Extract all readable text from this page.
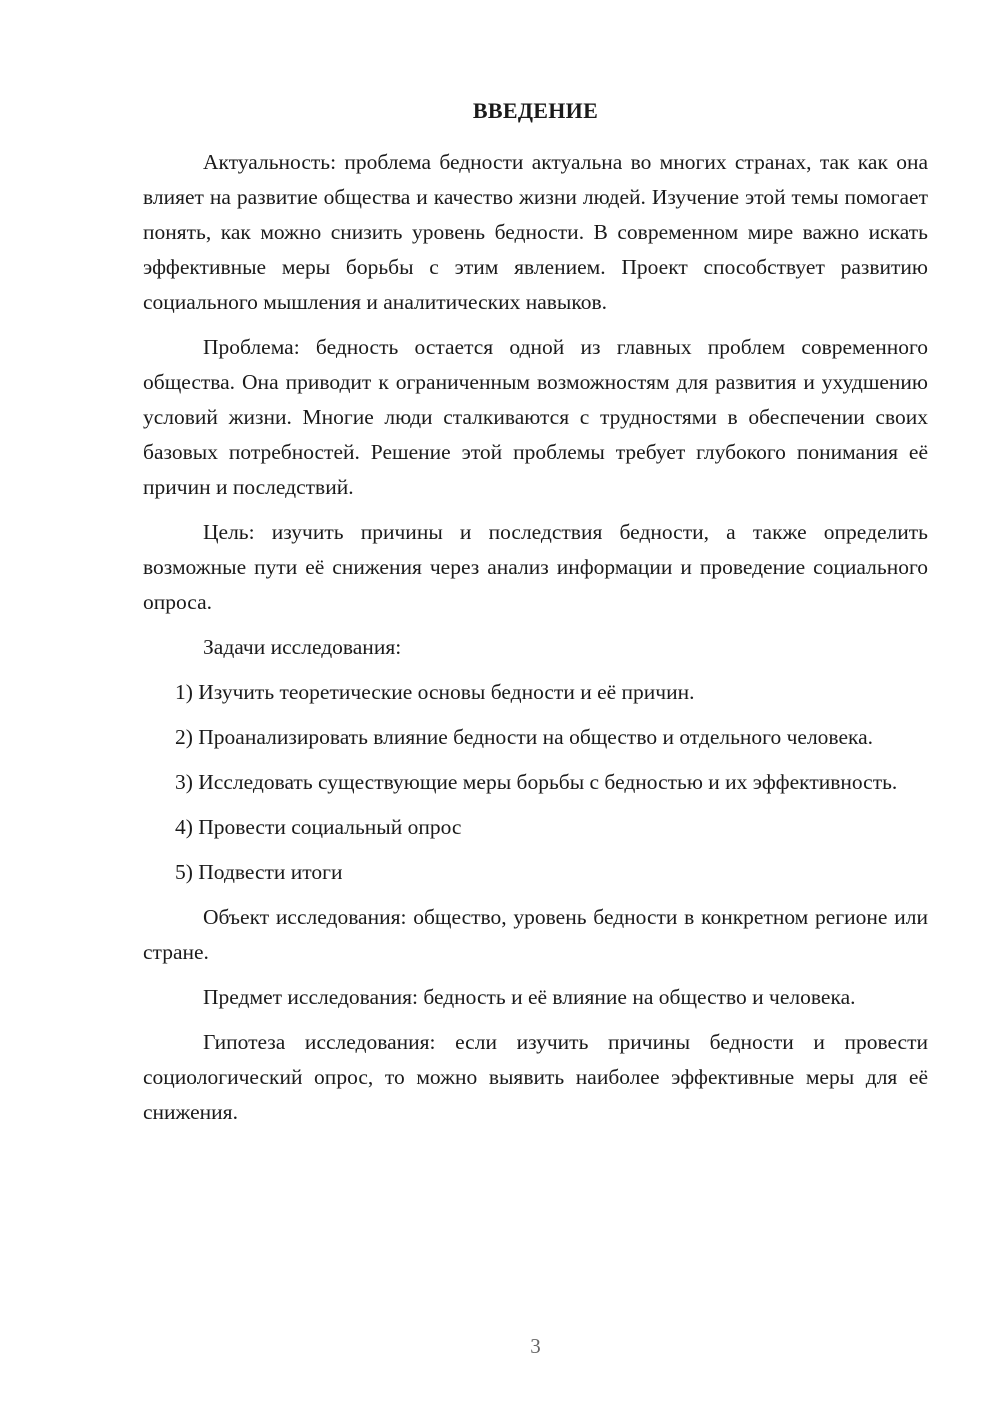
ВВЕДЕНИЕ

Актуальность: проблема бедности актуальна во многих странах, так как она влияет на развитие общества и качество жизни людей. Изучение этой темы помогает понять, как можно снизить уровень бедности. В современном мире важно искать эффективные меры борьбы с этим явлением. Проект способствует развитию социального мышления и аналитических навыков.

Проблема: бедность остается одной из главных проблем современного общества. Она приводит к ограниченным возможностям для развития и ухудшению условий жизни. Многие люди сталкиваются с трудностями в обеспечении своих базовых потребностей. Решение этой проблемы требует глубокого понимания её причин и последствий.

Цель: изучить причины и последствия бедности, а также определить возможные пути её снижения через анализ информации и проведение социального опроса.

Задачи исследования:

1) Изучить теоретические основы бедности и её причин.

2) Проанализировать влияние бедности на общество и отдельного человека.

3) Исследовать существующие меры борьбы с бедностью и их эффективность.

4) Провести социальный опрос

5) Подвести итоги

Объект исследования: общество, уровень бедности в конкретном регионе или стране.

Предмет исследования: бедность и её влияние на общество и человека.

Гипотеза исследования: если изучить причины бедности и провести социологический опрос, то можно выявить наиболее эффективные меры для её снижения.

3
